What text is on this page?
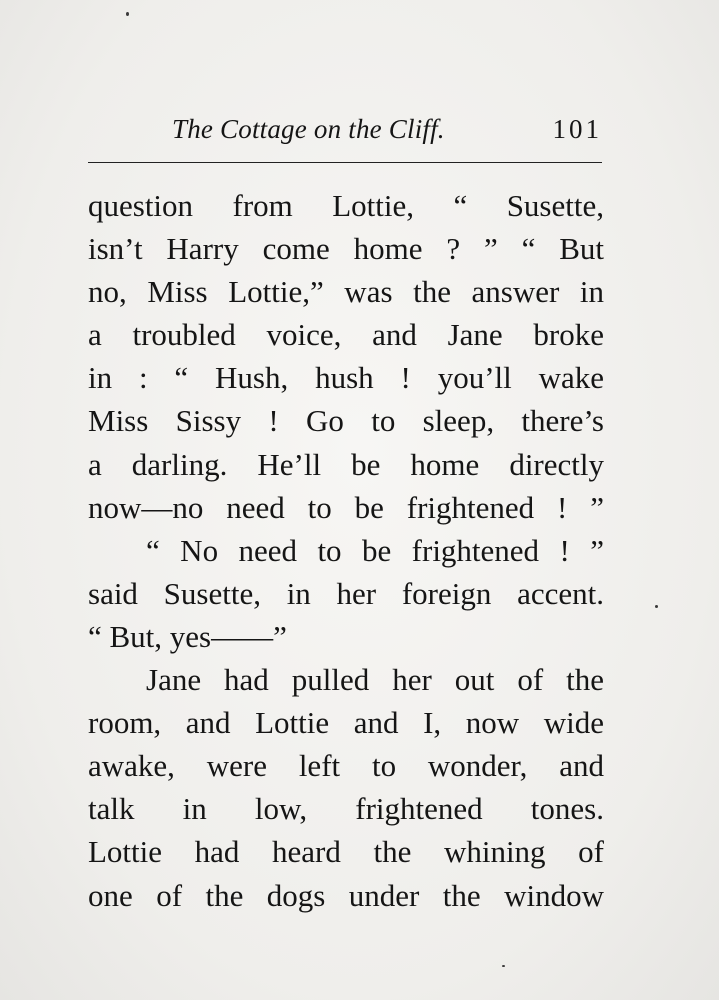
The Cottage on the Cliff.	101
question from Lottie, “ Susette,
isn’t Harry come home ? ” “ But
no, Miss Lottie,” was the answer in
a troubled voice, and Jane broke
in : “ Hush, hush ! you’ll wake
Miss Sissy ! Go to sleep, there’s
a darling. He’ll be home directly
now—no need to be frightened ! ”
“ No need to be frightened ! ”
said Susette, in her foreign accent.
“ But, yes——”
Jane had pulled her out of the
room, and Lottie and I, now wide
awake, were left to wonder, and
talk in low, frightened tones.
Lottie had heard the whining of
one of the dogs under the window
